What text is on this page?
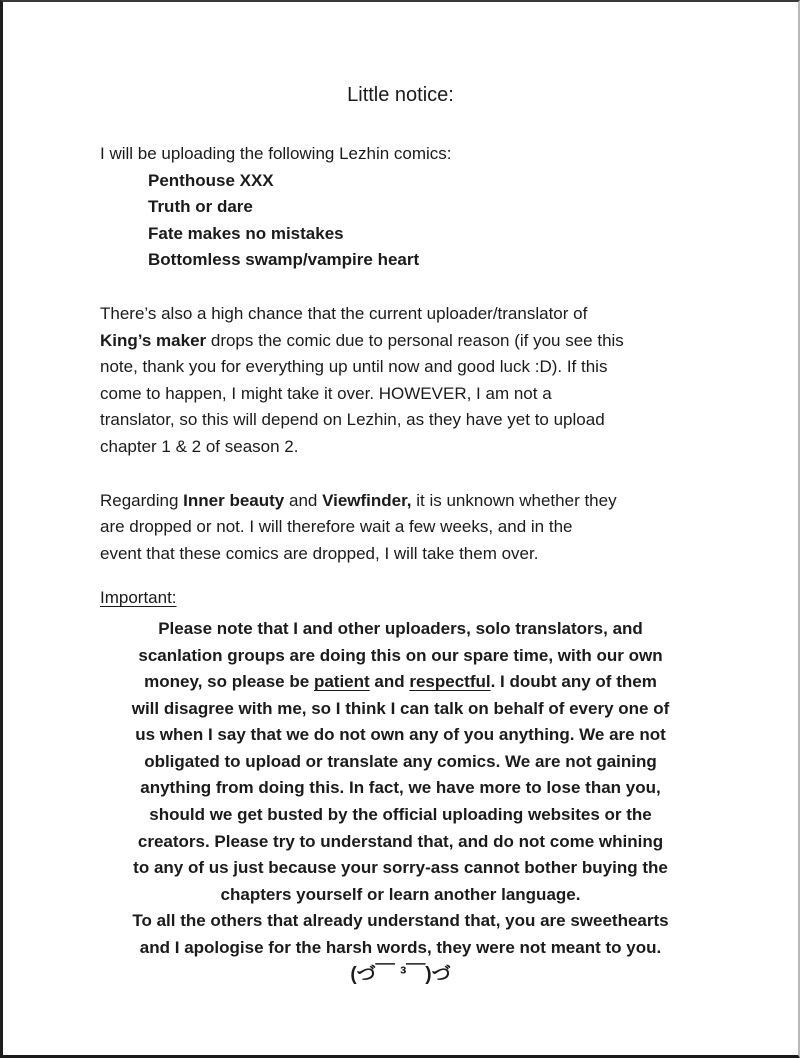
Little notice:
I will be uploading the following Lezhin comics:
Penthouse XXX
Truth or dare
Fate makes no mistakes
Bottomless swamp/vampire heart
There’s also a high chance that the current uploader/translator of
King’s maker drops the comic due to personal reason (if you see this
note, thank you for everything up until now and good luck :D). If this
come to happen, I might take it over. HOWEVER, I am not a
translator, so this will depend on Lezhin, as they have yet to upload
chapter 1 & 2 of season 2.
Regarding Inner beauty and Viewfinder, it is unknown whether they
are dropped or not. I will therefore wait a few weeks, and in the
event that these comics are dropped, I will take them over.
Important:
Please note that I and other uploaders, solo translators, and
scanlation groups are doing this on our spare time, with our own
money, so please be patient and respectful . I doubt any of them
will disagree with me, so I think I can talk on behalf of every one of
us when I say that we do not own any of you anything. We are not
obligated to upload or translate any comics. We are not gaining
anything from doing this. In fact, we have more to lose than you,
should we get busted by the official uploading websites or the
creators. Please try to understand that, and do not come whining
to any of us just because your sorry-ass cannot bother buying the
chapters yourself or learn another language.
To all the others that already understand that, you are sweethearts
and I apologise for the harsh words, they were not meant to you.
(づ￣ ³￣)づ
